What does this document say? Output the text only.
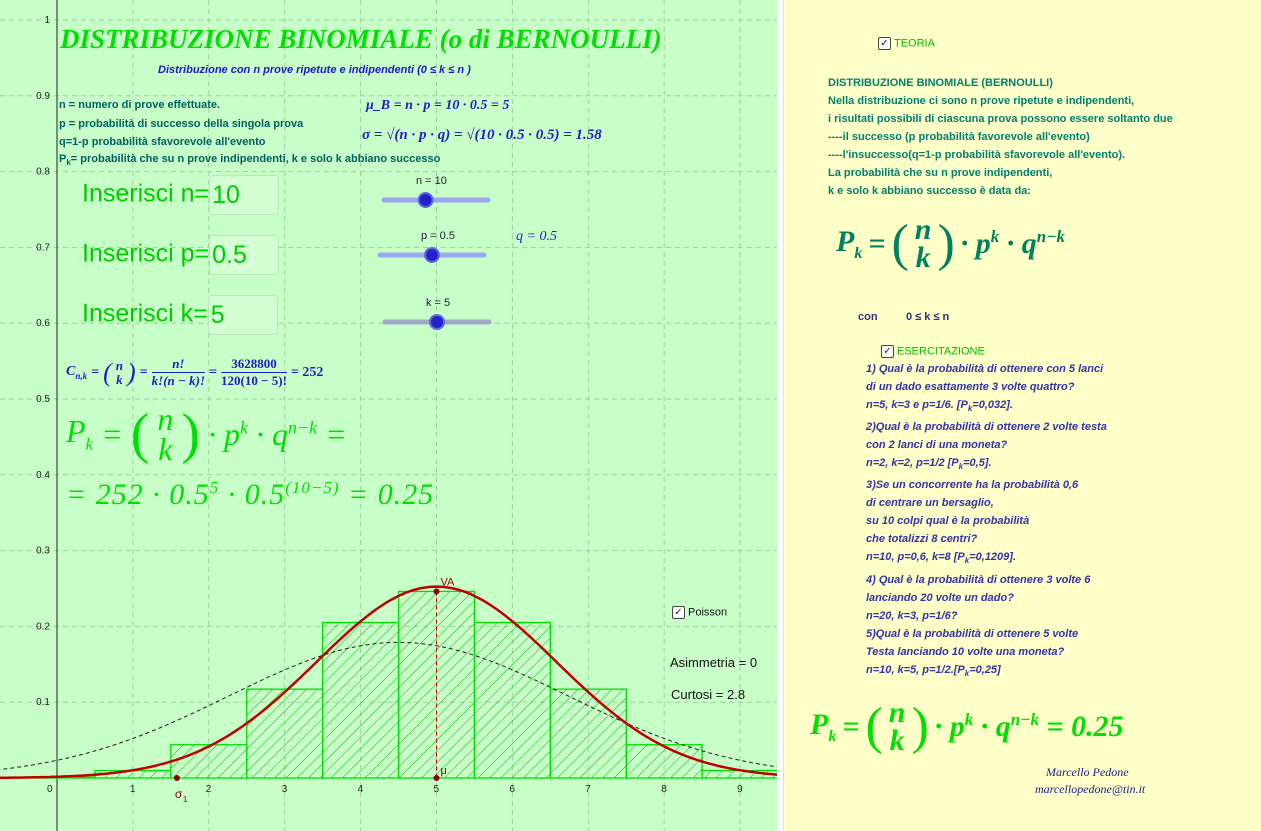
0	1	2	3	4	5	6	7	8	9
0.1
0.2
0.3
0.4
0.5
0.6
0.7
0.8
0.9
1
VA
μ
σ 1
DISTRIBUZIONE BINOMIALE (o di BERNOULLI)
Distribuzione con n prove ripetute e indipendenti (0 ≤ k ≤ n )
n = numero di prove effettuate.
p = probabilità di successo della singola prova
q=1-p probabilità sfavorevole all'evento
$P_k=$ probabilità che su n prove indipendenti, k e solo k abbiano successo
μ_B = n · p = 10 · 0.5 = 5
σ = √(n · p · q) = √(10 · 0.5 · 0.5) = 1.58
Inserisci n= 10
Inserisci p= 0.5
Inserisci k= 5
n = 10
p = 0.5	q = 0.5
k = 5
$C_{n,k}$ = ( n
k ) = $\frac{n!}{k!(n - k)!} = \frac{3628800}{120(10 - 5)!} = 252$
$P_k$ = ( n
k ) · $p^k \cdot q^{n-k}$ =
= $252 \cdot 0.5^5 \cdot 0.5^{(10-5)} = 0.25$
✓ Poisson
Asimmetria = 0
Curtosi = 2.8
✓ TEORIA
DISTRIBUZIONE BINOMIALE (BERNOULLI)
Nella distribuzione ci sono n prove ripetute e indipendenti,
i risultati possibili di ciascuna prova possono essere soltanto due
----il successo (p probabilità favorevole all'evento)
----l'insuccesso(q=1-p probabilità sfavorevole all'evento).
La probabilità che su n prove indipendenti,
k e solo k abbiano successo è data da:
$P_k$ = ( n
k ) · $p^k \cdot q^{n-k}$
con	0 ≤ k ≤ n
✓ ESERCITAZIONE
1) Qual è la probabilità di ottenere con 5 lanci
di un dado esattamente 3 volte quattro?
n=5, k=3 e p=1/6. $[P_k=0,032]$.
2)Qual è la probabilità di ottenere 2 volte testa
con 2 lanci di una moneta?
n=2, k=2, p=1/2 $[P_k=0,5]$.
3)Se un concorrente ha la probabilità 0,6
di centrare un bersaglio,
su 10 colpi qual è la probabilità
che totalizzi 8 centri?
n=10, p=0,6, k=8 $[P_k=0,1209]$.
4) Qual è la probabilità di ottenere 3 volte 6
lanciando 20 volte un dado?
n=20, k=3, p=1/6?
5)Qual è la probabilità di ottenere 5 volte
Testa lanciando 10 volte una moneta?
n=10, k=5, $p=1/2.[P_k=0,25]$
$P_k$ = ( n
k ) · $p^k \cdot q^{n-k} = 0.25$
Marcello Pedone
marcellopedone@tin.it
